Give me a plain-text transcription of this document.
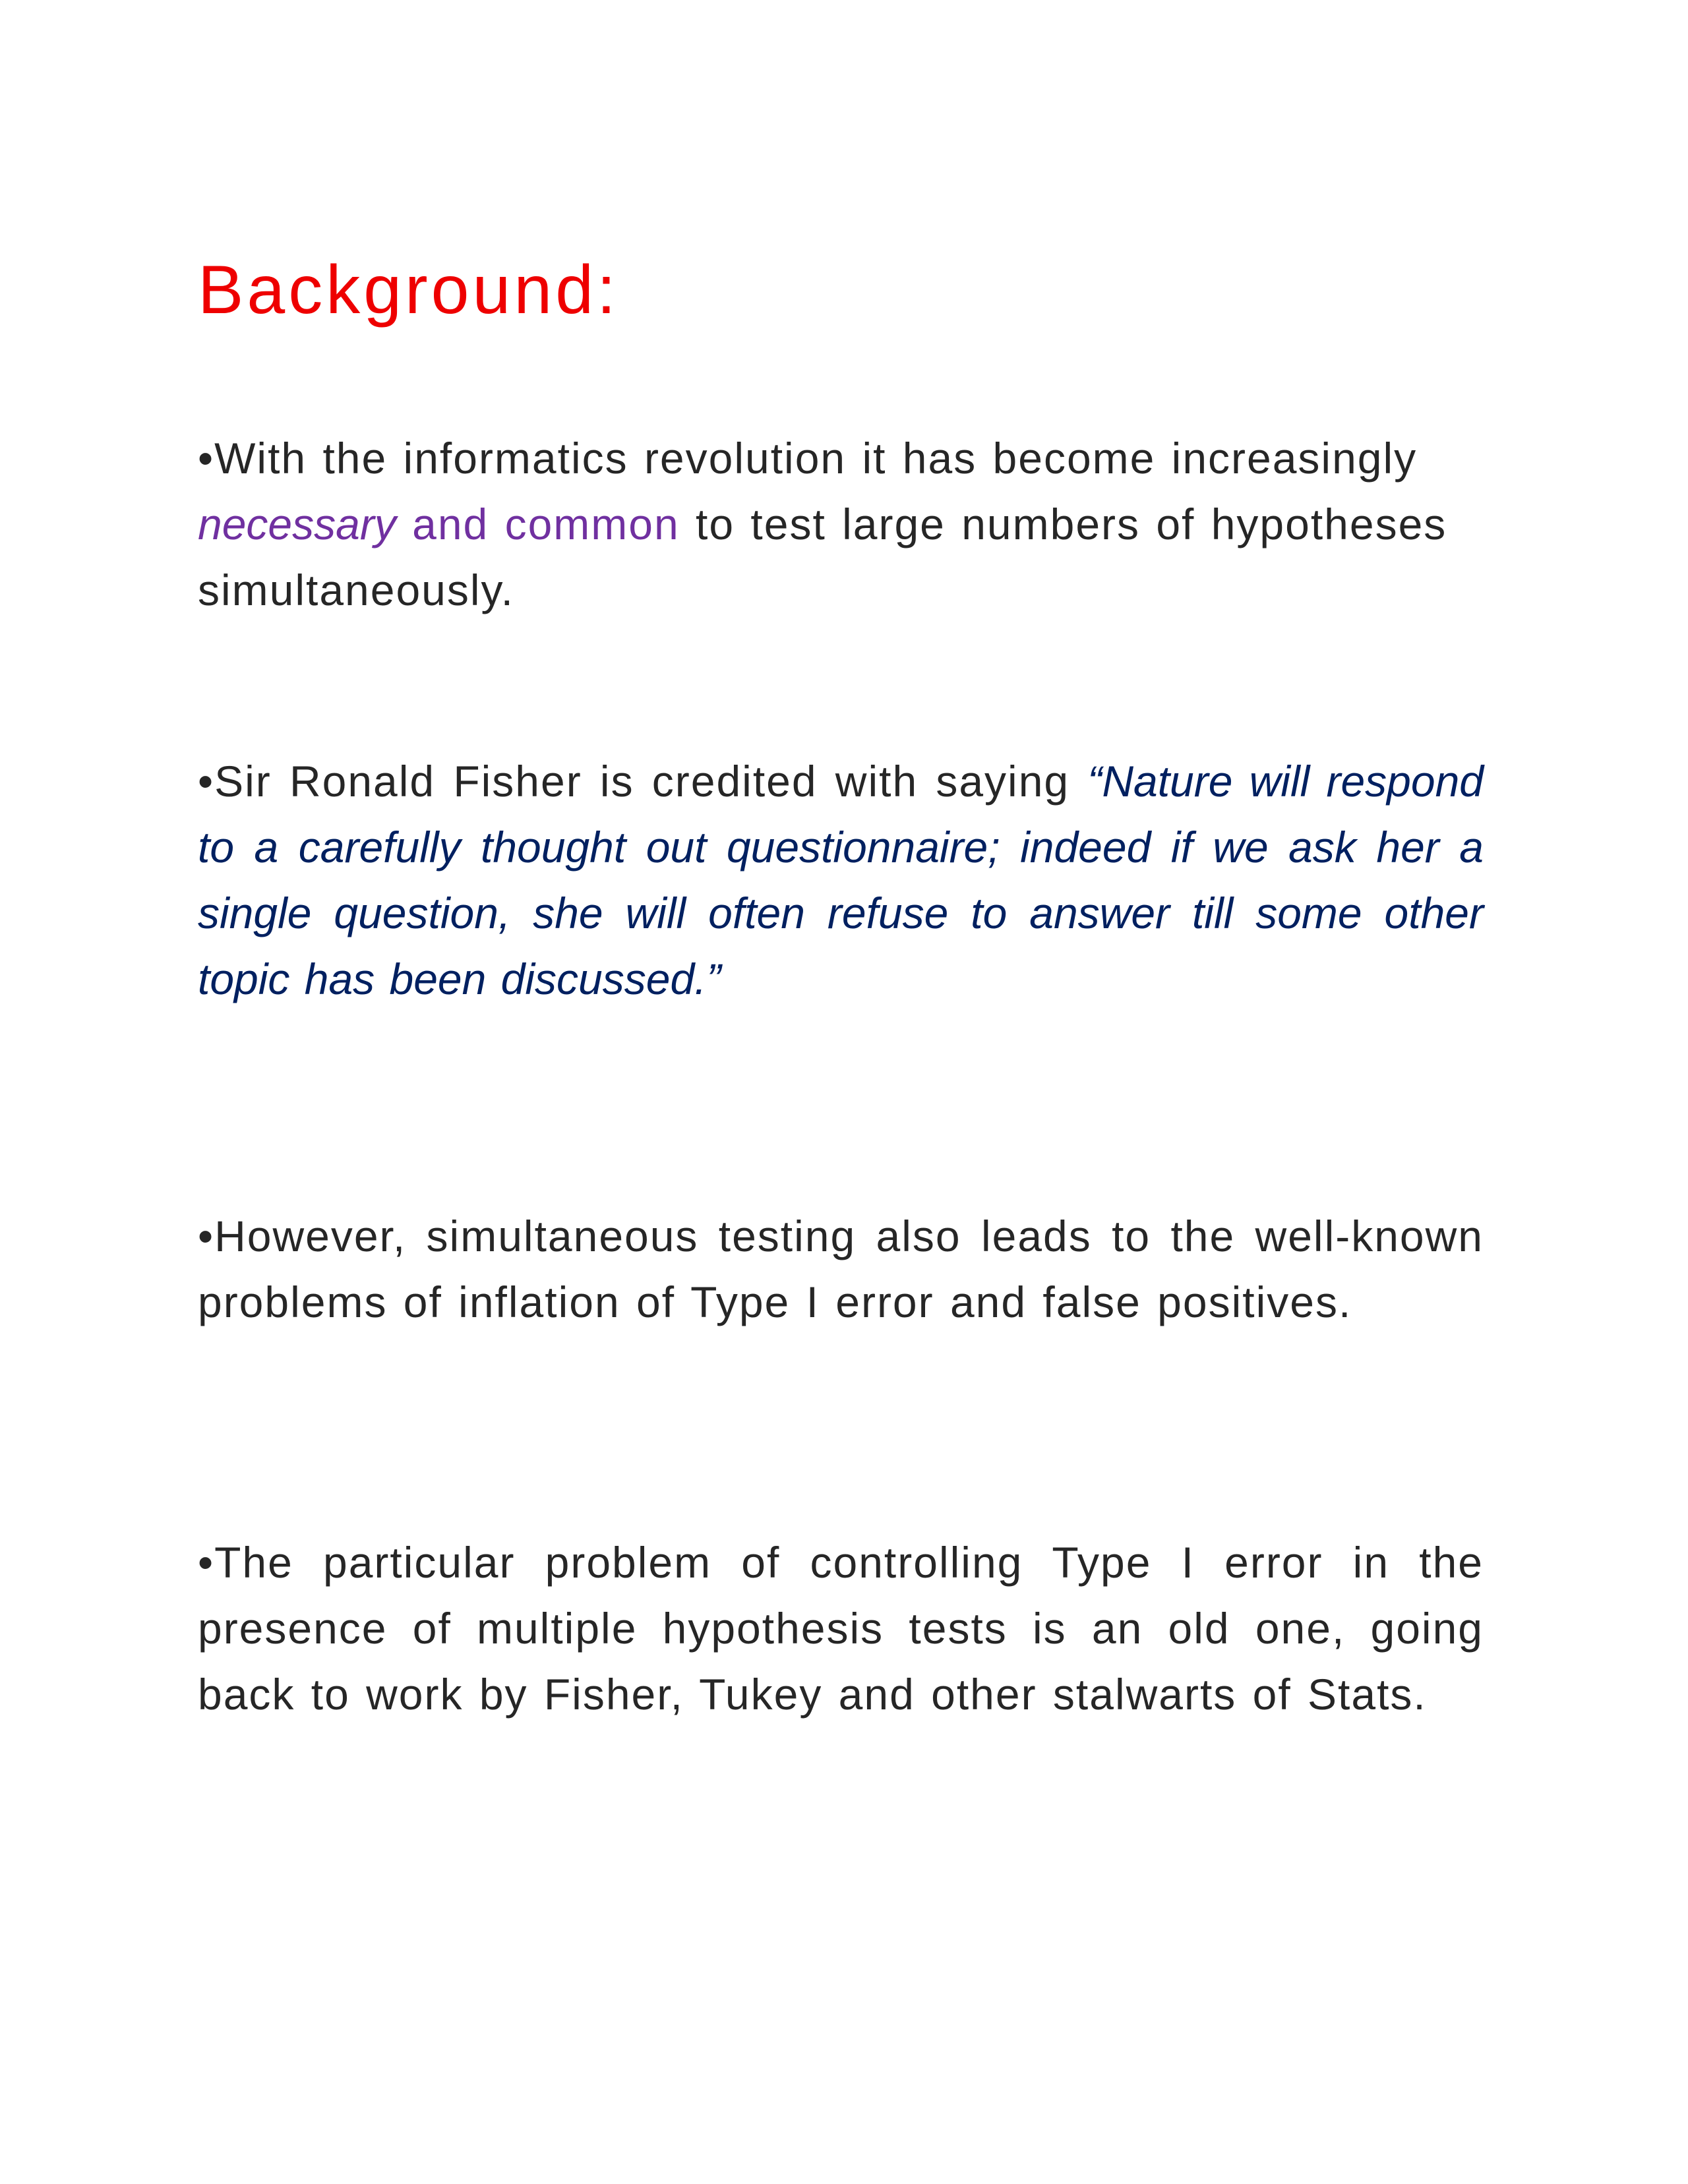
Background:

•With the informatics revolution it has become increasingly necessary and common to test large numbers of hypotheses simultaneously.

•Sir Ronald Fisher is credited with saying “Nature will respond to a carefully thought out questionnaire; indeed if we ask her a single question, she will often refuse to answer till some other topic has been discussed.”

•However, simultaneous testing also leads to the well-known problems of inflation of Type I error and false positives.

•The particular problem of controlling Type I error in the presence of multiple hypothesis tests is an old one, going back to work by Fisher, Tukey and other stalwarts of Stats.
